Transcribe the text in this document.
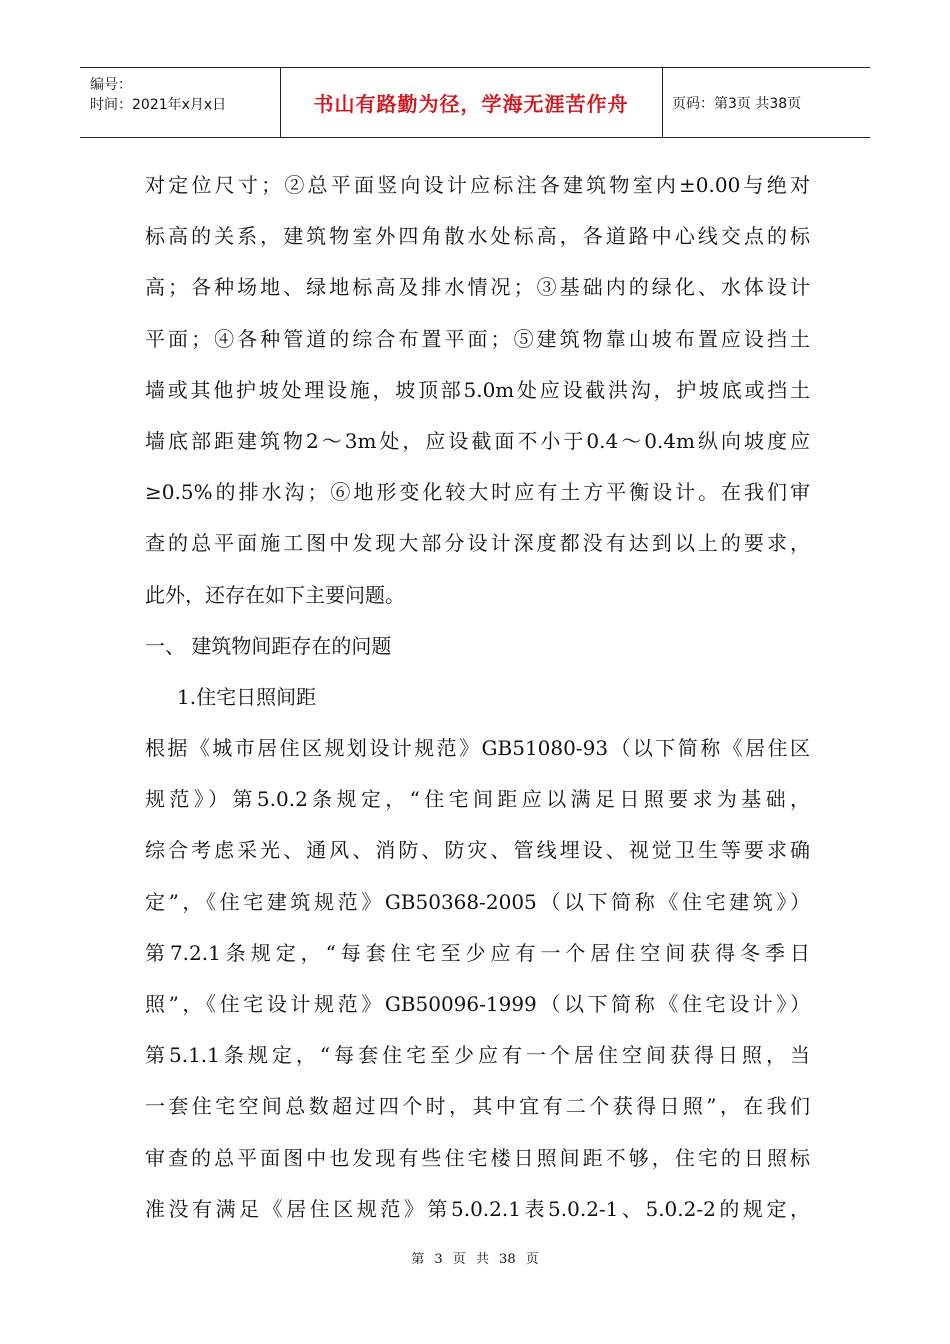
编号：
时间：2021年x月x日	书山有路勤为径，学海无涯苦作舟	页码：第3页 共38页
对定位尺寸；②总平面竖向设计应标注各建筑物室内±0.00与绝对
标高的关系，建筑物室外四角散水处标高，各道路中心线交点的标
高；各种场地、绿地标高及排水情况；③基础内的绿化、水体设计
平面；④各种管道的综合布置平面；⑤建筑物靠山坡布置应设挡土
墙或其他护坡处理设施，坡顶部5.0m处应设截洪沟，护坡底或挡土
墙底部距建筑物2～3m处，应设截面不小于0.4～0.4m纵向坡度应
≥0.5%的排水沟；⑥地形变化较大时应有土方平衡设计。在我们审
查的总平面施工图中发现大部分设计深度都没有达到以上的要求，
此外，还存在如下主要问题。
一、 建筑物间距存在的问题
1.住宅日照间距
根据《城市居住区规划设计规范》GB51080-93（以下简称《居住区
规范》）第5.0.2条规定，“住宅间距应以满足日照要求为基础，
综合考虑采光、通风、消防、防灾、管线埋设、视觉卫生等要求确
定”，《住宅建筑规范》GB50368-2005（以下简称《住宅建筑》）
第7.2.1条规定，“每套住宅至少应有一个居住空间获得冬季日
照”，《住宅设计规范》GB50096-1999（以下简称《住宅设计》）
第5.1.1条规定，“每套住宅至少应有一个居住空间获得日照，当
一套住宅空间总数超过四个时，其中宜有二个获得日照”，在我们
审查的总平面图中也发现有些住宅楼日照间距不够，住宅的日照标
准没有满足《居住区规范》第5.0.2.1表5.0.2-1、5.0.2-2的规定，
第 3 页 共 38 页
